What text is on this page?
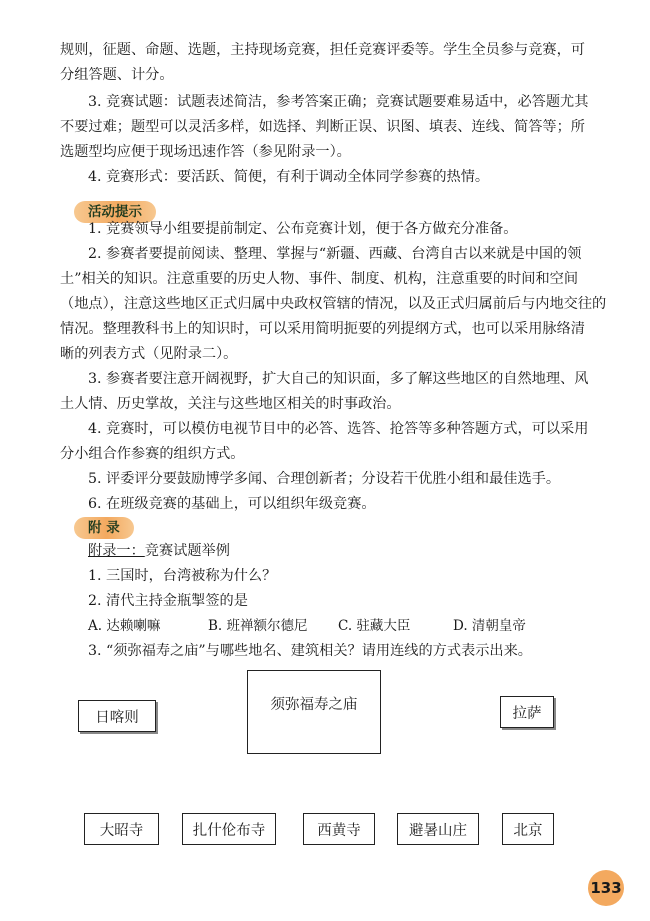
规则，征题、命题、选题，主持现场竞赛，担任竞赛评委等。学生全员参与竞赛，可

分组答题、计分。

3. 竞赛试题：试题表述简洁，参考答案正确；竞赛试题要难易适中，必答题尤其

不要过难；题型可以灵活多样，如选择、判断正误、识图、填表、连线、简答等；所

选题型均应便于现场迅速作答（参见附录一）。

4. 竞赛形式：要活跃、简便，有利于调动全体同学参赛的热情。

活动提示

1. 竞赛领导小组要提前制定、公布竞赛计划，便于各方做充分准备。

2. 参赛者要提前阅读、整理、掌握与“新疆、西藏、台湾自古以来就是中国的领

土”相关的知识。注意重要的历史人物、事件、制度、机构，注意重要的时间和空间

（地点），注意这些地区正式归属中央政权管辖的情况，以及正式归属前后与内地交往的

情况。整理教科书上的知识时，可以采用简明扼要的列提纲方式，也可以采用脉络清

晰的列表方式（见附录二）。

3. 参赛者要注意开阔视野，扩大自己的知识面，多了解这些地区的自然地理、风

土人情、历史掌故，关注与这些地区相关的时事政治。

4. 竞赛时，可以模仿电视节目中的必答、选答、抢答等多种答题方式，可以采用

分小组合作参赛的组织方式。

5. 评委评分要鼓励博学多闻、合理创新者；分设若干优胜小组和最佳选手。

6. 在班级竞赛的基础上，可以组织年级竞赛。

附 录

附录一：竞赛试题举例

1. 三国时，台湾被称为什么？

2. 清代主持金瓶掣签的是

A. 达赖喇嘛	B. 班禅额尔德尼 C. 驻藏大臣	D. 清朝皇帝

3. “须弥福寿之庙”与哪些地名、建筑相关？请用连线的方式表示出来。

须弥福寿之庙
日喀则	拉萨
大昭寺	扎什伦布寺	西黄寺	避暑山庄	北京
133
